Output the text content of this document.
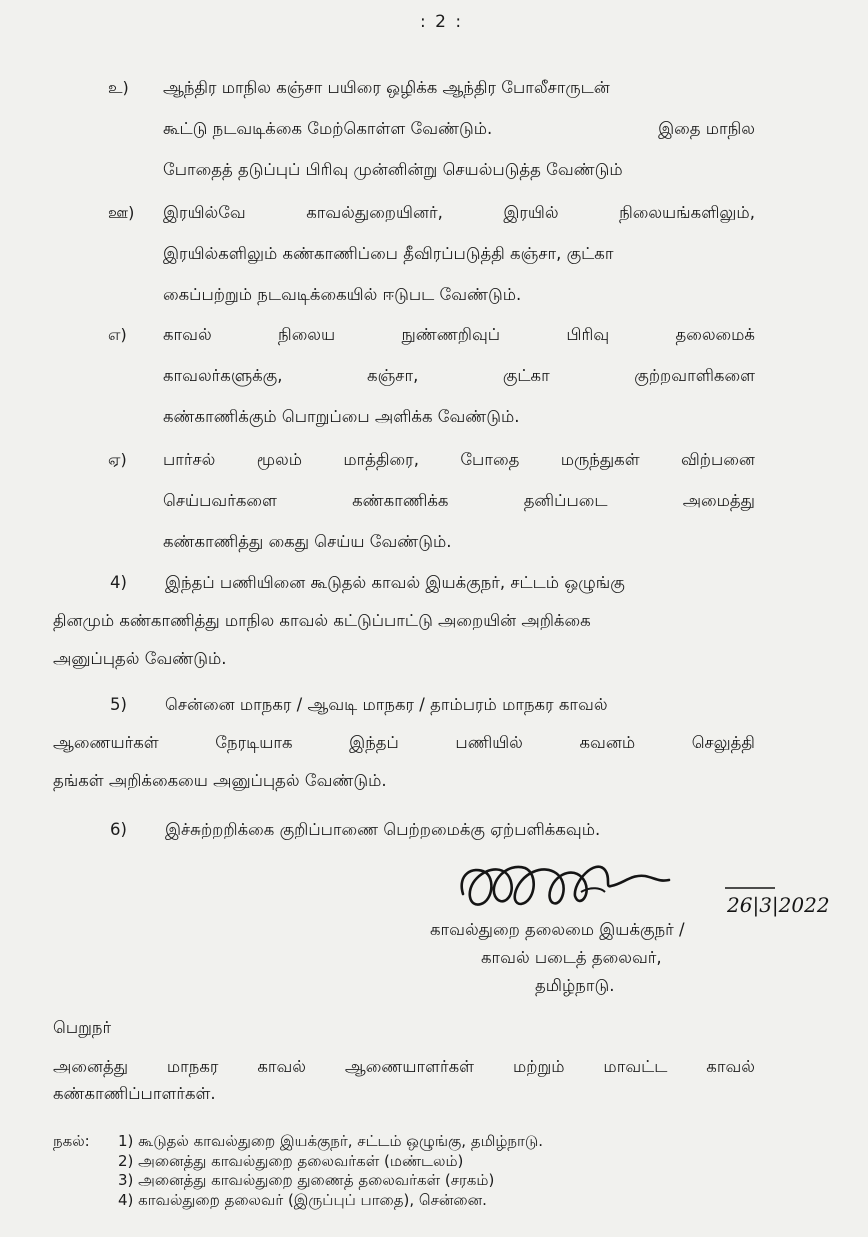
: 2 :
உ) ஆந்திர மாநில கஞ்சா பயிரை ஒழிக்க ஆந்திர போலீசாருடன்
கூட்டு நடவடிக்கை மேற்கொள்ள வேண்டும்.	இதை மாநில
போதைத் தடுப்புப் பிரிவு முன்னின்று செயல்படுத்த வேண்டும்
ஊ) இரயில்வே	காவல்துறையினர்,	இரயில்	நிலையங்களிலும்,
இரயில்களிலும் கண்காணிப்பை தீவிரப்படுத்தி கஞ்சா, குட்கா
கைப்பற்றும் நடவடிக்கையில் ஈடுபட வேண்டும்.
எ) காவல்	நிலைய	நுண்ணறிவுப்	பிரிவு	தலைமைக்
காவலர்களுக்கு,	கஞ்சா,	குட்கா	குற்றவாளிகளை
கண்காணிக்கும் பொறுப்பை அளிக்க வேண்டும்.
ஏ) பார்சல்	மூலம்	மாத்திரை,	போதை	மருந்துகள்	விற்பனை
செய்பவர்களை	கண்காணிக்க	தனிப்படை	அமைத்து
கண்காணித்து கைது செய்ய வேண்டும்.
4) இந்தப் பணியினை கூடுதல் காவல் இயக்குநர், சட்டம் ஒழுங்கு
தினமும் கண்காணித்து மாநில காவல் கட்டுப்பாட்டு அறையின் அறிக்கை
அனுப்புதல் வேண்டும்.
5) சென்னை மாநகர / ஆவடி மாநகர / தாம்பரம் மாநகர காவல்
ஆணையர்கள்	நேரடியாக	இந்தப்	பணியில்	கவனம்	செலுத்தி
தங்கள் அறிக்கையை அனுப்புதல் வேண்டும்.
6) இச்சுற்றறிக்கை குறிப்பாணை பெற்றமைக்கு ஏற்பளிக்கவும்.
26|3|2022
காவல்துறை தலைமை இயக்குநர் /
காவல் படைத் தலைவர்,
தமிழ்நாடு.
பெறுநர்
அனைத்து மாநகர காவல் ஆணையாளர்கள் மற்றும் மாவட்ட காவல்
கண்காணிப்பாளர்கள்.
நகல்: 1) கூடுதல் காவல்துறை இயக்குநர், சட்டம் ஒழுங்கு, தமிழ்நாடு.
2) அனைத்து காவல்துறை தலைவர்கள் (மண்டலம்)
3) அனைத்து காவல்துறை துணைத் தலைவர்கள் (சரகம்)
4) காவல்துறை தலைவர் (இருப்புப் பாதை), சென்னை.
